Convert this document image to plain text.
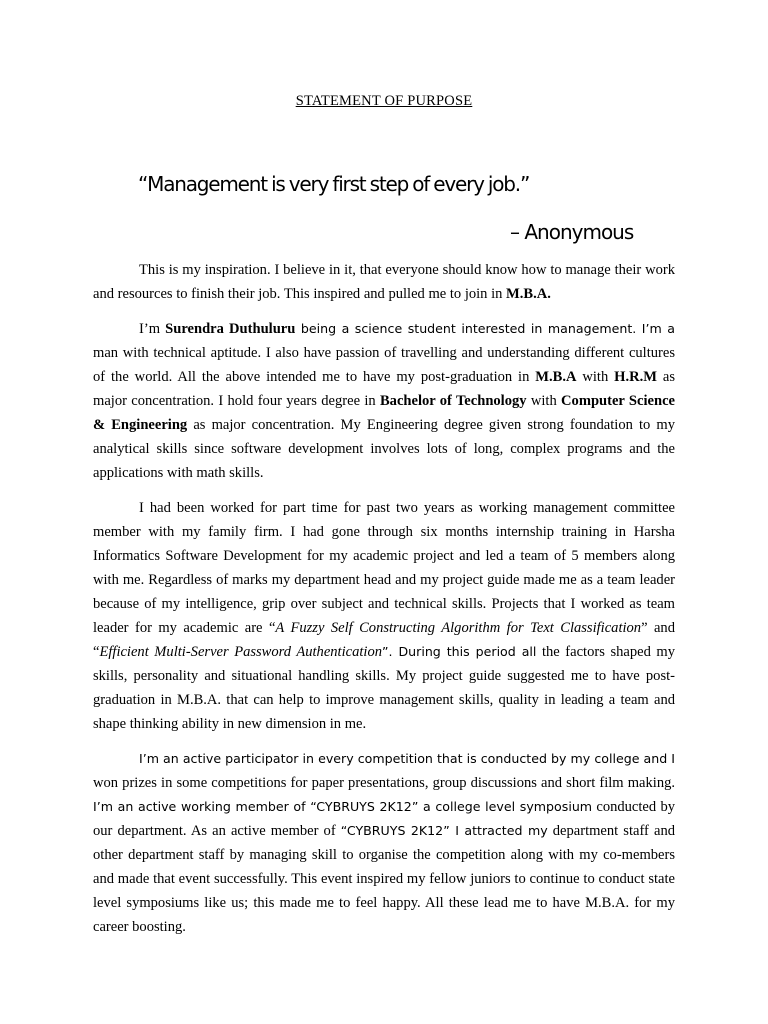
STATEMENT OF PURPOSE
“Management is very first step of every job.”
– Anonymous

This is my inspiration. I believe in it, that everyone should know how to manage their work and resources to finish their job. This inspired and pulled me to join in M.B.A.

I’m Surendra Duthuluru being a science student interested in management. I’m a man with technical aptitude. I also have passion of travelling and understanding different cultures of the world. All the above intended me to have my post-graduation in M.B.A with H.R.M as major concentration. I hold four years degree in Bachelor of Technology with Computer Science & Engineering as major concentration. My Engineering degree given strong foundation to my analytical skills since software development involves lots of long, complex programs and the applications with math skills.

I had been worked for part time for past two years as working management committee member with my family firm. I had gone through six months internship training in Harsha Informatics Software Development for my academic project and led a team of 5 members along with me. Regardless of marks my department head and my project guide made me as a team leader because of my intelligence, grip over subject and technical skills. Projects that I worked as team leader for my academic are “A Fuzzy Self Constructing Algorithm for Text Classification” and “Efficient Multi-Server Password Authentication”. During this period all the factors shaped my skills, personality and situational handling skills. My project guide suggested me to have post-graduation in M.B.A. that can help to improve management skills, quality in leading a team and shape thinking ability in new dimension in me.

I’m an active participator in every competition that is conducted by my college and I won prizes in some competitions for paper presentations, group discussions and short film making. I’m an active working member of “CYBRUYS 2K12” a college level symposium conducted by our department. As an active member of “CYBRUYS 2K12” I attracted my department staff and other department staff by managing skill to organise the competition along with my co-members and made that event successfully. This event inspired my fellow juniors to continue to conduct state level symposiums like us; this made me to feel happy. All these lead me to have M.B.A. for my career boosting.
